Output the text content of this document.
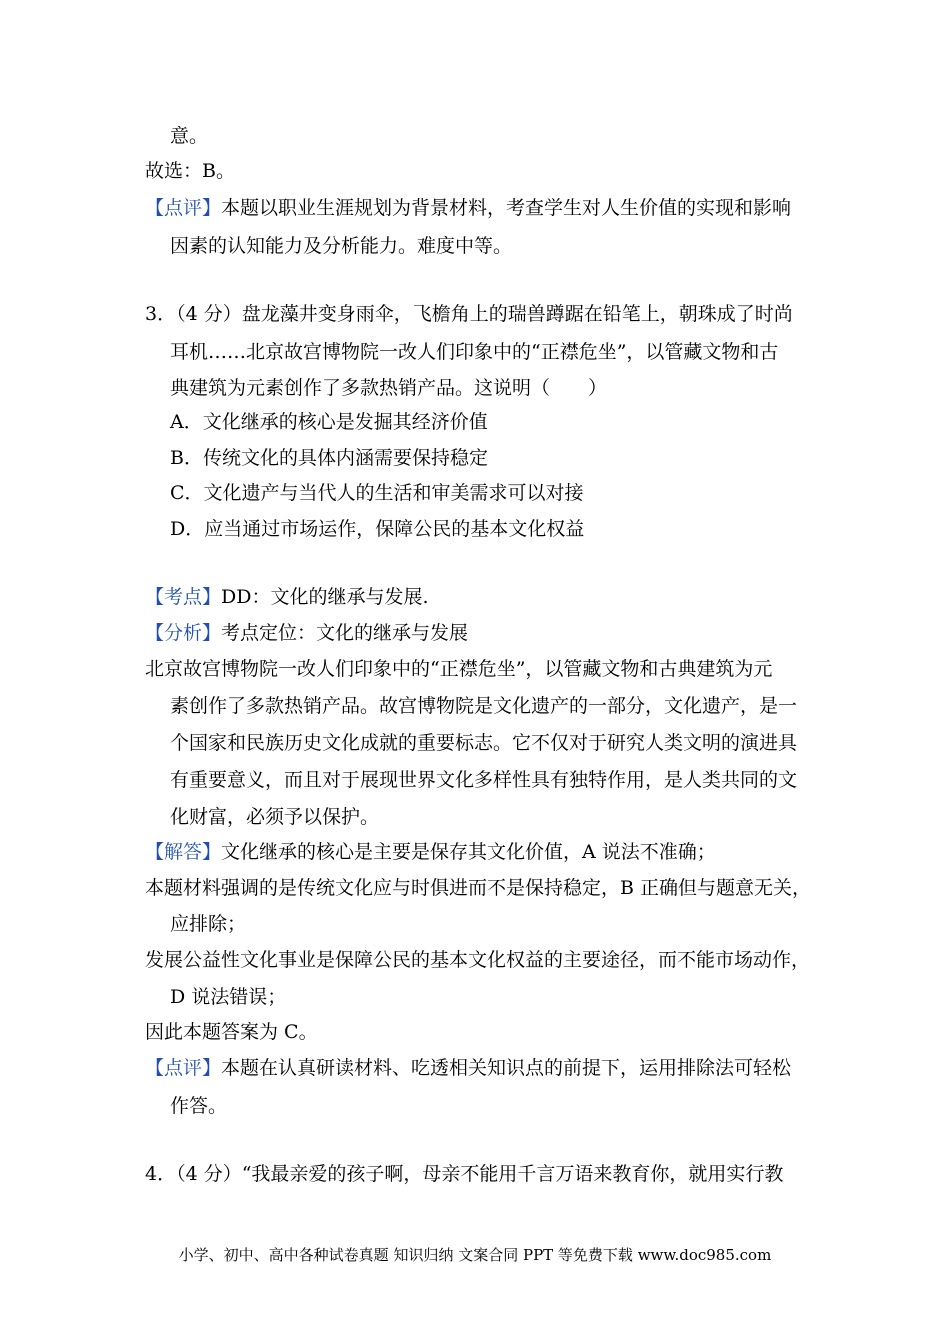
意。
故选：B。
【点评】本题以职业生涯规划为背景材料，考查学生对人生价值的实现和影响
因素的认知能力及分析能力。难度中等。
3．（4 分）盘龙藻井变身雨伞，飞檐角上的瑞兽蹲踞在铅笔上，朝珠成了时尚
耳机……北京故宫博物院一改人们印象中的“正襟危坐”，以管藏文物和古
典建筑为元素创作了多款热销产品。这说明（　　）
A．文化继承的核心是发掘其经济价值
B．传统文化的具体内涵需要保持稳定
C．文化遗产与当代人的生活和审美需求可以对接
D．应当通过市场运作，保障公民的基本文化权益
【考点】DD：文化的继承与发展.
【分析】考点定位：文化的继承与发展
北京故宫博物院一改人们印象中的“正襟危坐”，以管藏文物和古典建筑为元
素创作了多款热销产品。故宫博物院是文化遗产的一部分，文化遗产，是一
个国家和民族历史文化成就的重要标志。它不仅对于研究人类文明的演进具
有重要意义，而且对于展现世界文化多样性具有独特作用，是人类共同的文
化财富，必须予以保护。
【解答】文化继承的核心是主要是保存其文化价值，A 说法不准确；
本题材料强调的是传统文化应与时俱进而不是保持稳定，B 正确但与题意无关，
应排除；
发展公益性文化事业是保障公民的基本文化权益的主要途径，而不能市场动作，
D 说法错误；
因此本题答案为 C。
【点评】本题在认真研读材料、吃透相关知识点的前提下，运用排除法可轻松
作答。
4．（4 分）“我最亲爱的孩子啊，母亲不能用千言万语来教育你，就用实行教
小学、初中、高中各种试卷真题 知识归纳 文案合同 PPT 等免费下载 www.doc985.com
